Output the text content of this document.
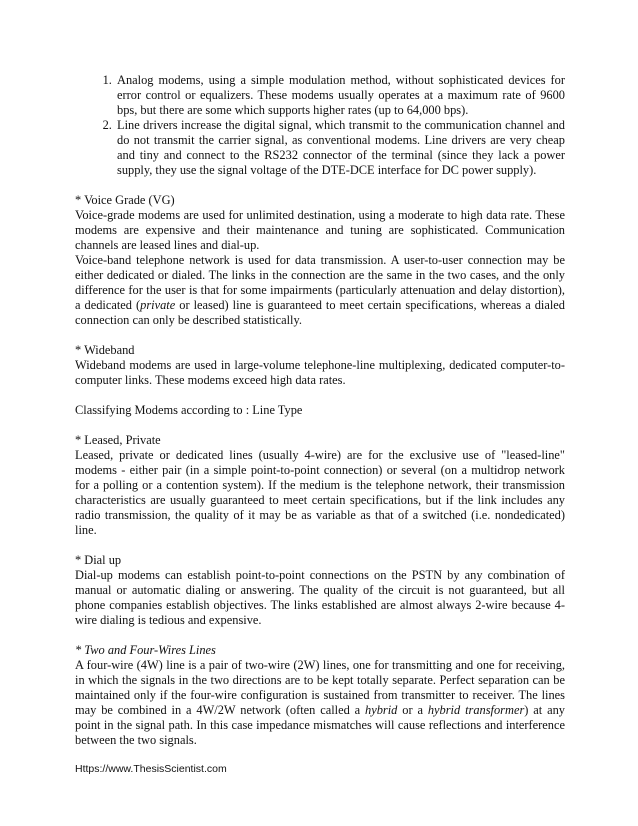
1. Analog modems, using a simple modulation method, without sophisticated devices for error control or equalizers. These modems usually operates at a maximum rate of 9600 bps, but there are some which supports higher rates (up to 64,000 bps).
2. Line drivers increase the digital signal, which transmit to the communication channel and do not transmit the carrier signal, as conventional modems. Line drivers are very cheap and tiny and connect to the RS232 connector of the terminal (since they lack a power supply, they use the signal voltage of the DTE-DCE interface for DC power supply).

* Voice Grade (VG)

Voice-grade modems are used for unlimited destination, using a moderate to high data rate. These modems are expensive and their maintenance and tuning are sophisticated. Communication channels are leased lines and dial-up.

Voice-band telephone network is used for data transmission. A user-to-user connection may be either dedicated or dialed. The links in the connection are the same in the two cases, and the only difference for the user is that for some impairments (particularly attenuation and delay distortion), a dedicated (private or leased) line is guaranteed to meet certain specifications, whereas a dialed connection can only be described statistically.

* Wideband

Wideband modems are used in large-volume telephone-line multiplexing, dedicated computer-to-computer links. These modems exceed high data rates.

Classifying Modems according to : Line Type

* Leased, Private

Leased, private or dedicated lines (usually 4-wire) are for the exclusive use of "leased-line" modems - either pair (in a simple point-to-point connection) or several (on a multidrop network for a polling or a contention system). If the medium is the telephone network, their transmission characteristics are usually guaranteed to meet certain specifications, but if the link includes any radio transmission, the quality of it may be as variable as that of a switched (i.e. nondedicated) line.

* Dial up

Dial-up modems can establish point-to-point connections on the PSTN by any combination of manual or automatic dialing or answering. The quality of the circuit is not guaranteed, but all phone companies establish objectives. The links established are almost always 2-wire because 4-wire dialing is tedious and expensive.

* Two and Four-Wires Lines

A four-wire (4W) line is a pair of two-wire (2W) lines, one for transmitting and one for receiving, in which the signals in the two directions are to be kept totally separate. Perfect separation can be maintained only if the four-wire configuration is sustained from transmitter to receiver. The lines may be combined in a 4W/2W network (often called a hybrid or a hybrid transformer) at any point in the signal path. In this case impedance mismatches will cause reflections and interference between the two signals.

Https://www.ThesisScientist.com
